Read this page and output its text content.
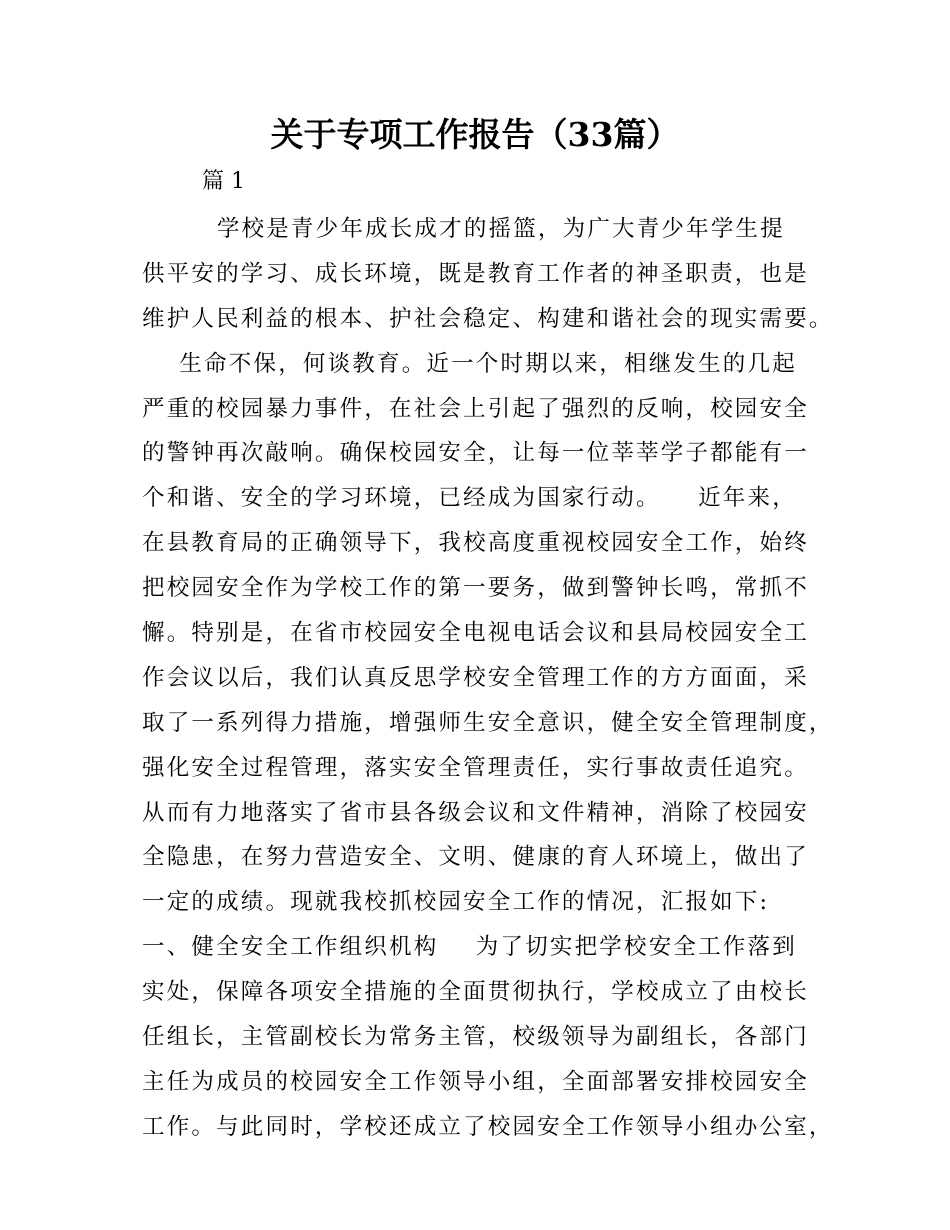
关于专项工作报告（33篇）
篇 1
学校是青少年成长成才的摇篮，为广大青少年学生提
供平安的学习、成长环境，既是教育工作者的神圣职责，也是
维护人民利益的根本、护社会稳定、构建和谐社会的现实需要。
生命不保，何谈教育。近一个时期以来，相继发生的几起
严重的校园暴力事件，在社会上引起了强烈的反响，校园安全
的警钟再次敲响。确保校园安全，让每一位莘莘学子都能有一
个和谐、安全的学习环境，已经成为国家行动。    近年来，
在县教育局的正确领导下，我校高度重视校园安全工作，始终
把校园安全作为学校工作的第一要务，做到警钟长鸣，常抓不
懈。特别是，在省市校园安全电视电话会议和县局校园安全工
作会议以后，我们认真反思学校安全管理工作的方方面面，采
取了一系列得力措施，增强师生安全意识，健全安全管理制度，
强化安全过程管理，落实安全管理责任，实行事故责任追究。
从而有力地落实了省市县各级会议和文件精神，消除了校园安
全隐患，在努力营造安全、文明、健康的育人环境上，做出了
一定的成绩。现就我校抓校园安全工作的情况，汇报如下:
一、健全安全工作组织机构    为了切实把学校安全工作落到
实处，保障各项安全措施的全面贯彻执行，学校成立了由校长
任组长，主管副校长为常务主管，校级领导为副组长，各部门
主任为成员的校园安全工作领导小组，全面部署安排校园安全
工作。与此同时，学校还成立了校园安全工作领导小组办公室，
